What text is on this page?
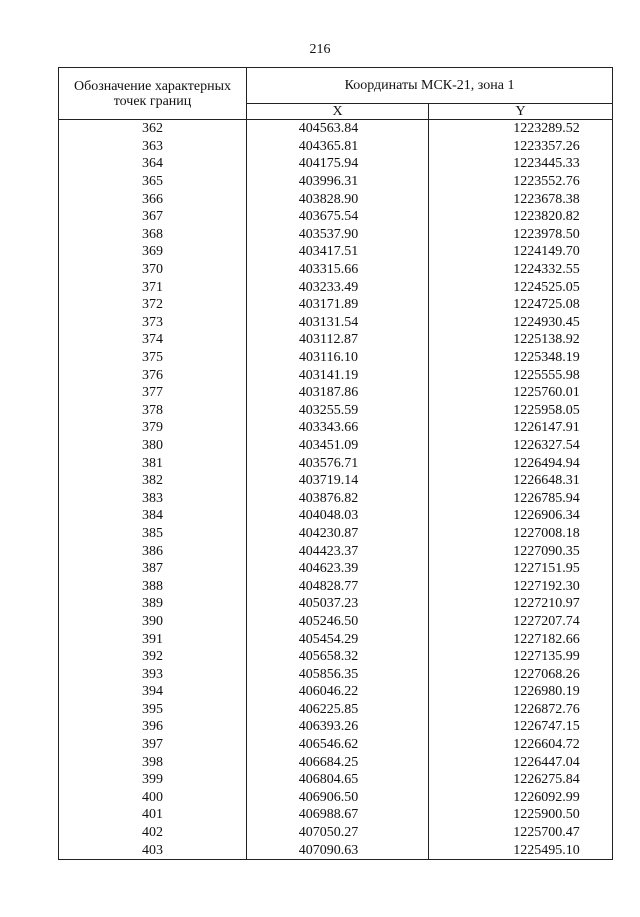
216
Обозначение характерных точек границ	Координаты МСК-21, зона 1	
	X	Y
362	404563.84	1223289.52
363	404365.81	1223357.26
364	404175.94	1223445.33
365	403996.31	1223552.76
366	403828.90	1223678.38
367	403675.54	1223820.82
368	403537.90	1223978.50
369	403417.51	1224149.70
370	403315.66	1224332.55
371	403233.49	1224525.05
372	403171.89	1224725.08
373	403131.54	1224930.45
374	403112.87	1225138.92
375	403116.10	1225348.19
376	403141.19	1225555.98
377	403187.86	1225760.01
378	403255.59	1225958.05
379	403343.66	1226147.91
380	403451.09	1226327.54
381	403576.71	1226494.94
382	403719.14	1226648.31
383	403876.82	1226785.94
384	404048.03	1226906.34
385	404230.87	1227008.18
386	404423.37	1227090.35
387	404623.39	1227151.95
388	404828.77	1227192.30
389	405037.23	1227210.97
390	405246.50	1227207.74
391	405454.29	1227182.66
392	405658.32	1227135.99
393	405856.35	1227068.26
394	406046.22	1226980.19
395	406225.85	1226872.76
396	406393.26	1226747.15
397	406546.62	1226604.72
398	406684.25	1226447.04
399	406804.65	1226275.84
400	406906.50	1226092.99
401	406988.67	1225900.50
402	407050.27	1225700.47
403	407090.63	1225495.10
